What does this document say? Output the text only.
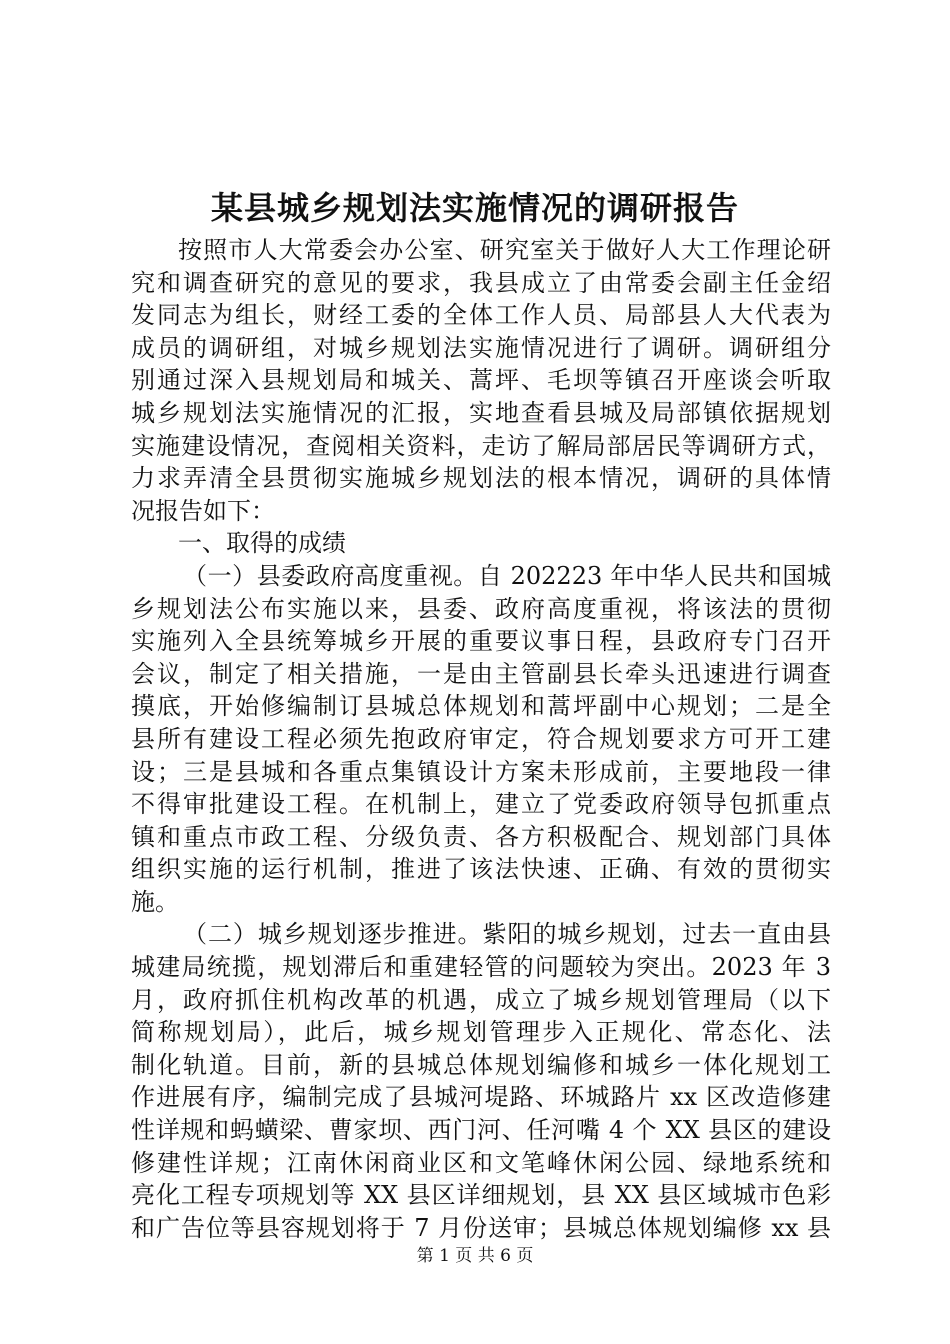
某县城乡规划法实施情况的调研报告
按照市人大常委会办公室、研究室关于做好人大工作理论研
究和调查研究的意见的要求，我县成立了由常委会副主任金绍
发同志为组长，财经工委的全体工作人员、局部县人大代表为
成员的调研组，对城乡规划法实施情况进行了调研。调研组分
别通过深入县规划局和城关、蒿坪、毛坝等镇召开座谈会听取
城乡规划法实施情况的汇报，实地查看县城及局部镇依据规划
实施建设情况，查阅相关资料，走访了解局部居民等调研方式，
力求弄清全县贯彻实施城乡规划法的根本情况，调研的具体情
况报告如下：
一、取得的成绩
（一）县委政府高度重视。自 202223 年中华人民共和国城
乡规划法公布实施以来，县委、政府高度重视，将该法的贯彻
实施列入全县统筹城乡开展的重要议事日程，县政府专门召开
会议，制定了相关措施，一是由主管副县长牵头迅速进行调查
摸底，开始修编制订县城总体规划和蒿坪副中心规划；二是全
县所有建设工程必须先抱政府审定，符合规划要求方可开工建
设；三是县城和各重点集镇设计方案未形成前，主要地段一律
不得审批建设工程。在机制上，建立了党委政府领导包抓重点
镇和重点市政工程、分级负责、各方积极配合、规划部门具体
组织实施的运行机制，推进了该法快速、正确、有效的贯彻实
施。
（二）城乡规划逐步推进。紫阳的城乡规划，过去一直由县
城建局统揽，规划滞后和重建轻管的问题较为突出。2023 年 3
月，政府抓住机构改革的机遇，成立了城乡规划管理局（以下
简称规划局），此后，城乡规划管理步入正规化、常态化、法
制化轨道。目前，新的县城总体规划编修和城乡一体化规划工
作进展有序，编制完成了县城河堤路、环城路片 xx 区改造修建
性详规和蚂蟥梁、曹家坝、西门河、任河嘴 4 个 XX 县区的建设
修建性详规；江南休闲商业区和文笔峰休闲公园、绿地系统和
亮化工程专项规划等 XX 县区详细规划，县 XX 县区域城市色彩
和广告位等县容规划将于 7 月份送审；县城总体规划编修 xx 县
第 1 页 共 6 页
